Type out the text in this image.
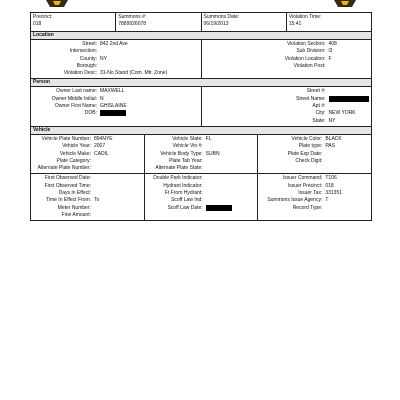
Precinct:
018
Summons #:
7889926078
Summons Date:
06/19/2013
Violation Time:
15:41
Location
Street: 842 2nd Ave
Intersection:
County: NY
Borough:
Violation Desc: 31-No Stand (Com. Mtr. Zone)
Violation Section: 408
Sub Division: l3
Violation Location: F
Violation Post:
Person
Owner Last name: MAXWELL
Owner Middle Initial: N
Owner First Name: GHISLAINE
DOB:
Street #:
Street Name:
Apt #:
City: NEW YORK
State: NY
Vehicle
Vehicle Plate Number: 894NYE
Vehicle Year: 2007
Vehicle Make: CADIL
Plate Category:
Alternate Plate Number:
Vehicle State: FL
Vehicle Vin #:
Vehicle Body Type: SUBN
Plate Tab Year:
Alternate Plate State:
Vehicle Color: BLACK
Plate type: PAS
Plate Exp Date:
Check Digit:
First Observed Date:
First Observed Time:
Days In Effect:
Time In Effect From: To
Meter Number:
Fine Amount:
Double Park Indicator:
Hydrant Indicator:
Ft From Hydrant:
Scoff Law Ind:
Scoff Law Date:
Issuer Command: T106
Issuer Precinct: 018
Issuer Tax: 331351
Summons Issue Agency: T
Record Type:
